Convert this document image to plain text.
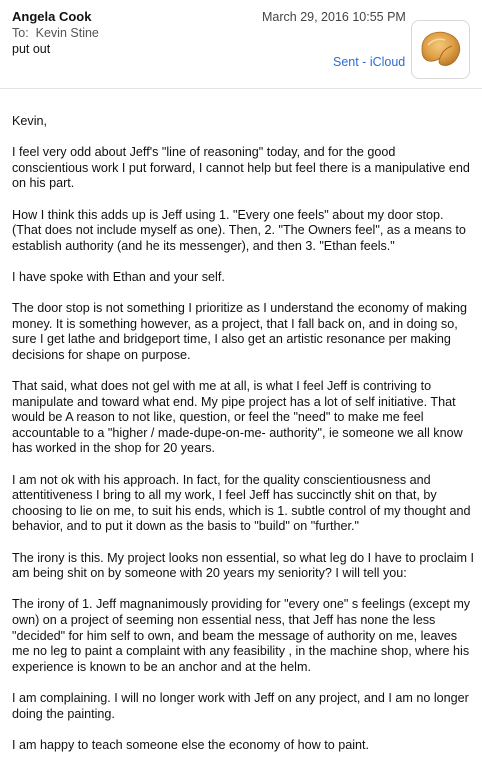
Angela Cook	March 29, 2016 10:55 PM
To: Kevin Stine
put out
Sent - iCloud

Kevin,

I feel very odd about Jeff's "line of reasoning" today, and for the good conscientious work I put forward, I cannot help but feel there is a manipulative end on his part.

How I think this adds up is Jeff using 1. "Every one feels" about my door stop. (That does not include myself as one). Then, 2. "The Owners feel", as a means to establish authority (and he its messenger), and then 3. "Ethan feels."

I have spoke with Ethan and your self.

The door stop is not something I prioritize as I understand the economy of making money. It is something however, as a project, that I fall back on, and in doing so, sure I get lathe and bridgeport time, I also get an artistic resonance per making decisions for shape on purpose.

That said, what does not gel with me at all, is what I feel Jeff is contriving to manipulate and toward what end. My pipe project has a lot of self initiative. That would be A reason to not like, question, or feel the "need" to make me feel accountable to a "higher / made-dupe-on-me- authority", ie someone we all know has worked in the shop for 20 years.

I am not ok with his approach. In fact, for the quality conscientiousness and attentitiveness I bring to all my work, I feel Jeff has succinctly shit on that, by choosing to lie on me, to suit his ends, which is 1. subtle control of my thought and behavior, and to put it down as the basis to "build" on "further."

The irony is this. My project looks non essential, so what leg do I have to proclaim I am being shit on by someone with 20 years my seniority? I will tell you:

The irony of 1. Jeff magnanimously providing for "every one" s feelings (except my own) on a project of seeming non essential ness, that Jeff has none the less "decided" for him self to own, and beam the message of authority on me, leaves me no leg to paint a complaint with any feasibility , in the machine shop, where his experience is known to be an anchor and at the helm.

I am complaining. I will no longer work with Jeff on any project, and I am no longer doing the painting.

I am happy to teach someone else the economy of how to paint.
